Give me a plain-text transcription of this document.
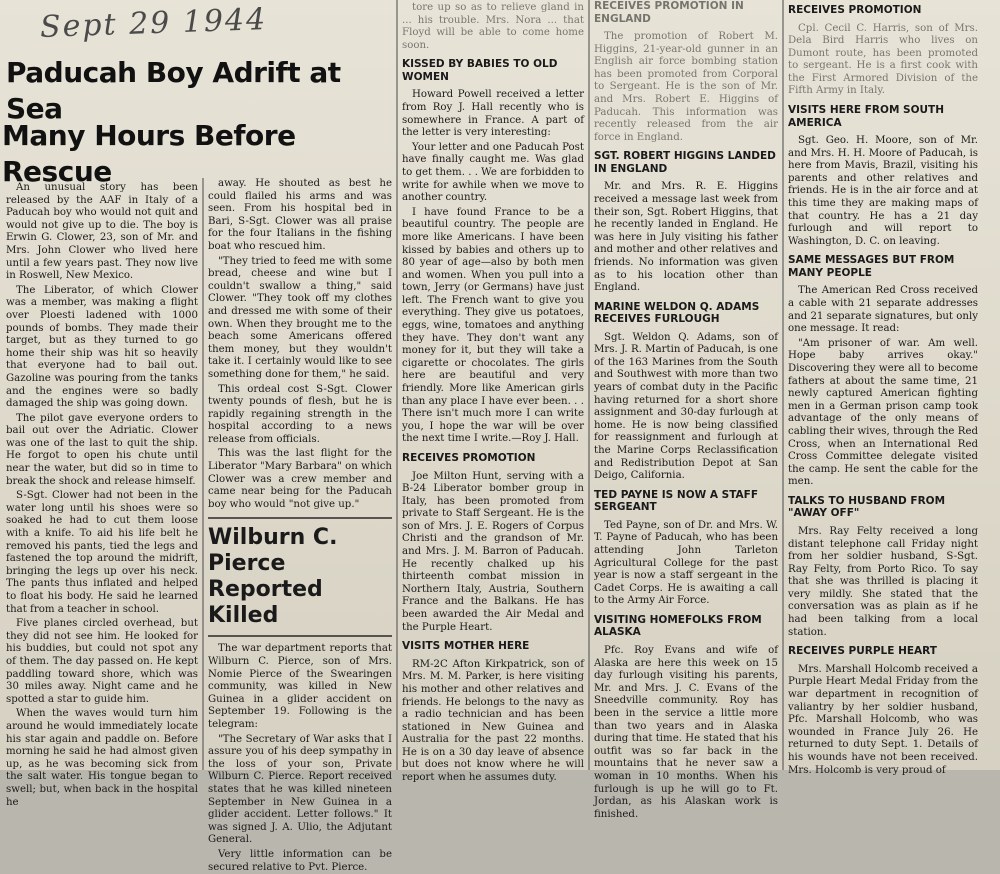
Sept 29 1944
Paducah Boy Adrift at Sea
Many Hours Before Rescue

An unusual story has been released by the AAF in Italy of a Paducah boy who would not quit and would not give up to die. The boy is Erwin G. Clower, 23, son of Mr. and Mrs. John Clower who lived here until a few years past. They now live in Roswell, New Mexico.

The Liberator, of which Clower was a member, was making a flight over Ploesti ladened with 1000 pounds of bombs. They made their target, but as they turned to go home their ship was hit so heavily that everyone had to bail out. Gazoline was pouring from the tanks and the engines were so badly damaged the ship was going down.

The pilot gave everyone orders to bail out over the Adriatic. Clower was one of the last to quit the ship. He forgot to open his chute until near the water, but did so in time to break the shock and release himself.

S-Sgt. Clower had not been in the water long until his shoes were so soaked he had to cut them loose with a knife. To aid his life belt he removed his pants, tied the legs and fastened the top around the midrift, bringing the legs up over his neck. The pants thus inflated and helped to float his body. He said he learned that from a teacher in school.

Five planes circled overhead, but they did not see him. He looked for his buddies, but could not spot any of them. The day passed on. He kept paddling toward shore, which was 30 miles away. Night came and he spotted a star to guide him.

When the waves would turn him around he would immediately locate his star again and paddle on. Before morning he said he had almost given up, as he was becoming sick from the salt water. His tongue began to swell; but, when back in the hospital he

away. He shouted as best he could flailed his arms and was seen. From his hospital bed in Bari, S-Sgt. Clower was all praise for the four Italians in the fishing boat who rescued him.

"They tried to feed me with some bread, cheese and wine but I couldn't swallow a thing," said Clower. "They took off my clothes and dressed me with some of their own. When they brought me to the beach some Americans offered them money, but they wouldn't take it. I certainly would like to see something done for them," he said.

This ordeal cost S-Sgt. Clower twenty pounds of flesh, but he is rapidly regaining strength in the hospital according to a news release from officials.

This was the last flight for the Liberator "Mary Barbara" on which Clower was a crew member and came near being for the Paducah boy who would "not give up."

Wilburn C. Pierce Reported Killed

The war department reports that Wilburn C. Pierce, son of Mrs. Nomie Pierce of the Swearingen community, was killed in New Guinea in a glider accident on September 19. Following is the telegram:

"The Secretary of War asks that I assure you of his deep sympathy in the loss of your son, Private Wilburn C. Pierce. Report received states that he was killed nineteen September in New Guinea in a glider accident. Letter follows." It was signed J. A. Ulio, the Adjutant General.

Very little information can be secured relative to Pvt. Pierce.

tore up so as to relieve gland in ... his trouble. Mrs. Nora ... that Floyd will be able to come home soon.

KISSED BY BABIES TO OLD WOMEN

Howard Powell received a letter from Roy J. Hall recently who is somewhere in France. A part of the letter is very interesting:

Your letter and one Paducah Post have finally caught me. Was glad to get them. . . We are forbidden to write for awhile when we move to another country.

I have found France to be a beautiful country. The people are more like Americans. I have been kissed by babies and others up to 80 year of age—also by both men and women. When you pull into a town, Jerry (or Germans) have just left. The French want to give you everything. They give us potatoes, eggs, wine, tomatoes and anything they have. They don't want any money for it, but they will take a cigarette or chocolates. The girls here are beautiful and very friendly. More like American girls than any place I have ever been. . . There isn't much more I can write you, I hope the war will be over the next time I write.—Roy J. Hall.

RECEIVES PROMOTION

Joe Milton Hunt, serving with a B-24 Liberator bomber group in Italy, has been promoted from private to Staff Sergeant. He is the son of Mrs. J. E. Rogers of Corpus Christi and the grandson of Mr. and Mrs. J. M. Barron of Paducah. He recently chalked up his thirteenth combat mission in Northern Italy, Austria, Southern France and the Balkans. He has been awarded the Air Medal and the Purple Heart.

VISITS MOTHER HERE

RM-2C Afton Kirkpatrick, son of Mrs. M. M. Parker, is here visiting his mother and other relatives and friends. He belongs to the navy as a radio technician and has been stationed in New Guinea and Australia for the past 22 months. He is on a 30 day leave of absence but does not know where he will report when he assumes duty.

RECEIVES PROMOTION IN ENGLAND

The promotion of Robert M. Higgins, 21-year-old gunner in an English air force bombing station has been promoted from Corporal to Sergeant. He is the son of Mr. and Mrs. Robert E. Higgins of Paducah. This information was recently released from the air force in England.

SGT. ROBERT HIGGINS LANDED IN ENGLAND

Mr. and Mrs. R. E. Higgins received a message last week from their son, Sgt. Robert Higgins, that he recently landed in England. He was here in July visiting his father and mother and other relatives and friends. No information was given as to his location other than England.

MARINE WELDON Q. ADAMS RECEIVES FURLOUGH

Sgt. Weldon Q. Adams, son of Mrs. J. R. Martin of Paducah, is one of the 163 Marines from the South and Southwest with more than two years of combat duty in the Pacific having returned for a short shore assignment and 30-day furlough at home. He is now being classified for reassignment and furlough at the Marine Corps Reclassification and Redistribution Depot at San Deigo, California.

TED PAYNE IS NOW A STAFF SERGEANT

Ted Payne, son of Dr. and Mrs. W. T. Payne of Paducah, who has been attending John Tarleton Agricultural College for the past year is now a staff sergeant in the Cadet Corps. He is awaiting a call to the Army Air Force.

VISITING HOMEFOLKS FROM ALASKA

Pfc. Roy Evans and wife of Alaska are here this week on 15 day furlough visiting his parents, Mr. and Mrs. J. C. Evans of the Sneedville community. Roy has been in the service a little more than two years and in Alaska during that time. He stated that his outfit was so far back in the mountains that he never saw a woman in 10 months. When his furlough is up he will go to Ft. Jordan, as his Alaskan work is finished.

RECEIVES PROMOTION

Cpl. Cecil C. Harris, son of Mrs. Dela Bird Harris who lives on Dumont route, has been promoted to sergeant. He is a first cook with the First Armored Division of the Fifth Army in Italy.

VISITS HERE FROM SOUTH AMERICA

Sgt. Geo. H. Moore, son of Mr. and Mrs. H. H. Moore of Paducah, is here from Mavis, Brazil, visiting his parents and other relatives and friends. He is in the air force and at this time they are making maps of that country. He has a 21 day furlough and will report to Washington, D. C. on leaving.

SAME MESSAGES BUT FROM MANY PEOPLE

The American Red Cross received a cable with 21 separate addresses and 21 separate signatures, but only one message. It read:

"Am prisoner of war. Am well. Hope baby arrives okay." Discovering they were all to become fathers at about the same time, 21 newly captured American fighting men in a German prison camp took advantage of the only means of cabling their wives, through the Red Cross, when an International Red Cross Committee delegate visited the camp. He sent the cable for the men.

TALKS TO HUSBAND FROM "AWAY OFF"

Mrs. Ray Felty received a long distant telephone call Friday night from her soldier husband, S-Sgt. Ray Felty, from Porto Rico. To say that she was thrilled is placing it very mildly. She stated that the conversation was as plain as if he had been talking from a local station.

RECEIVES PURPLE HEART

Mrs. Marshall Holcomb received a Purple Heart Medal Friday from the war department in recognition of valiantry by her soldier husband, Pfc. Marshall Holcomb, who was wounded in France July 26. He returned to duty Sept. 1. Details of his wounds have not been received. Mrs. Holcomb is very proud of
